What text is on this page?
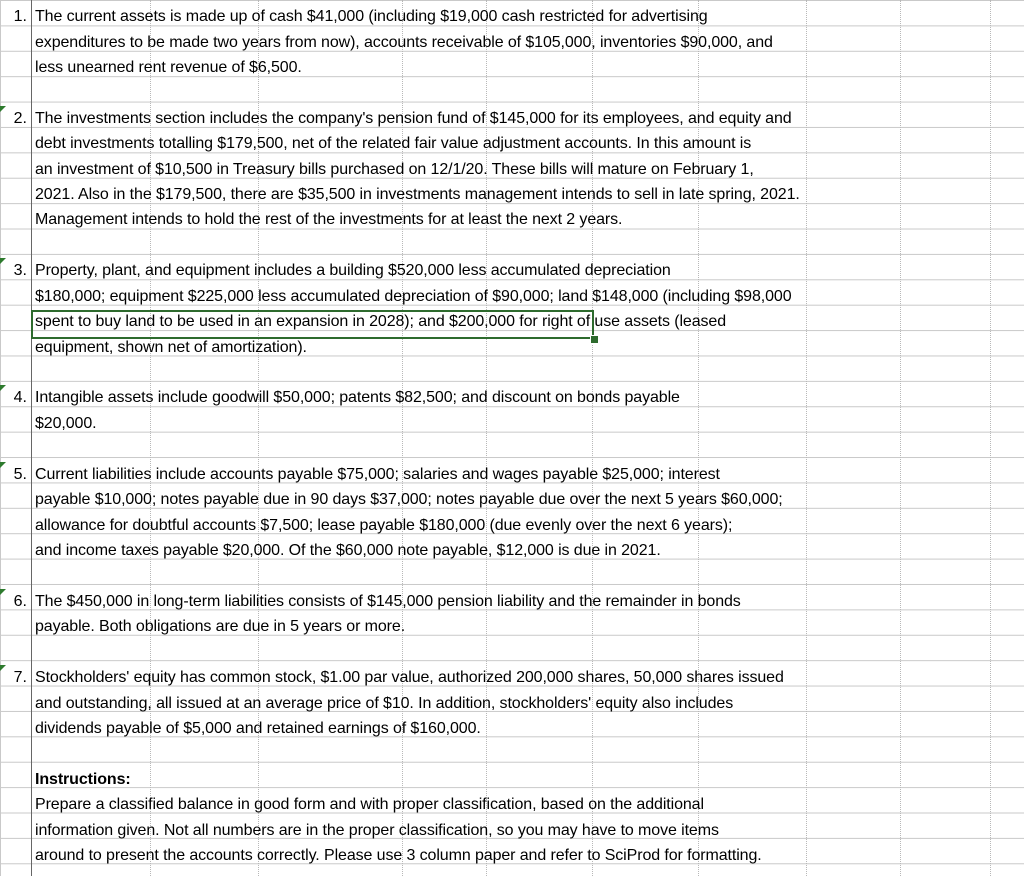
1. The current assets is made up of cash $41,000 (including $19,000 cash restricted for advertising
expenditures to be made two years from now), accounts receivable of $105,000, inventories $90,000, and
less unearned rent revenue of $6,500.
2. The investments section includes the company's pension fund of $145,000 for its employees, and equity and
debt investments totalling $179,500, net of the related fair value adjustment accounts. In this amount is
an investment of $10,500 in Treasury bills purchased on 12/1/20. These bills will mature on February 1,
2021. Also in the $179,500, there are $35,500 in investments management intends to sell in late spring, 2021.
Management intends to hold the rest of the investments for at least the next 2 years.
3. Property, plant, and equipment includes a building $520,000 less accumulated depreciation
$180,000; equipment $225,000 less accumulated depreciation of $90,000; land $148,000 (including $98,000
spent to buy land to be used in an expansion in 2028); and $200,000 for right of use assets (leased
equipment, shown net of amortization).
4. Intangible assets include goodwill $50,000; patents $82,500; and discount on bonds payable
$20,000.
5. Current liabilities include accounts payable $75,000; salaries and wages payable $25,000; interest
payable $10,000; notes payable due in 90 days $37,000; notes payable due over the next 5 years $60,000;
allowance for doubtful accounts $7,500; lease payable $180,000 (due evenly over the next 6 years);
and income taxes payable $20,000. Of the $60,000 note payable, $12,000 is due in 2021.
6. The $450,000 in long-term liabilities consists of $145,000 pension liability and the remainder in bonds
payable. Both obligations are due in 5 years or more.
7. Stockholders' equity has common stock, $1.00 par value, authorized 200,000 shares, 50,000 shares issued
and outstanding, all issued at an average price of $10. In addition, stockholders' equity also includes
dividends payable of $5,000 and retained earnings of $160,000.
Instructions:
Prepare a classified balance in good form and with proper classification, based on the additional
information given. Not all numbers are in the proper classification, so you may have to move items
around to present the accounts correctly. Please use 3 column paper and refer to SciProd for formatting.
